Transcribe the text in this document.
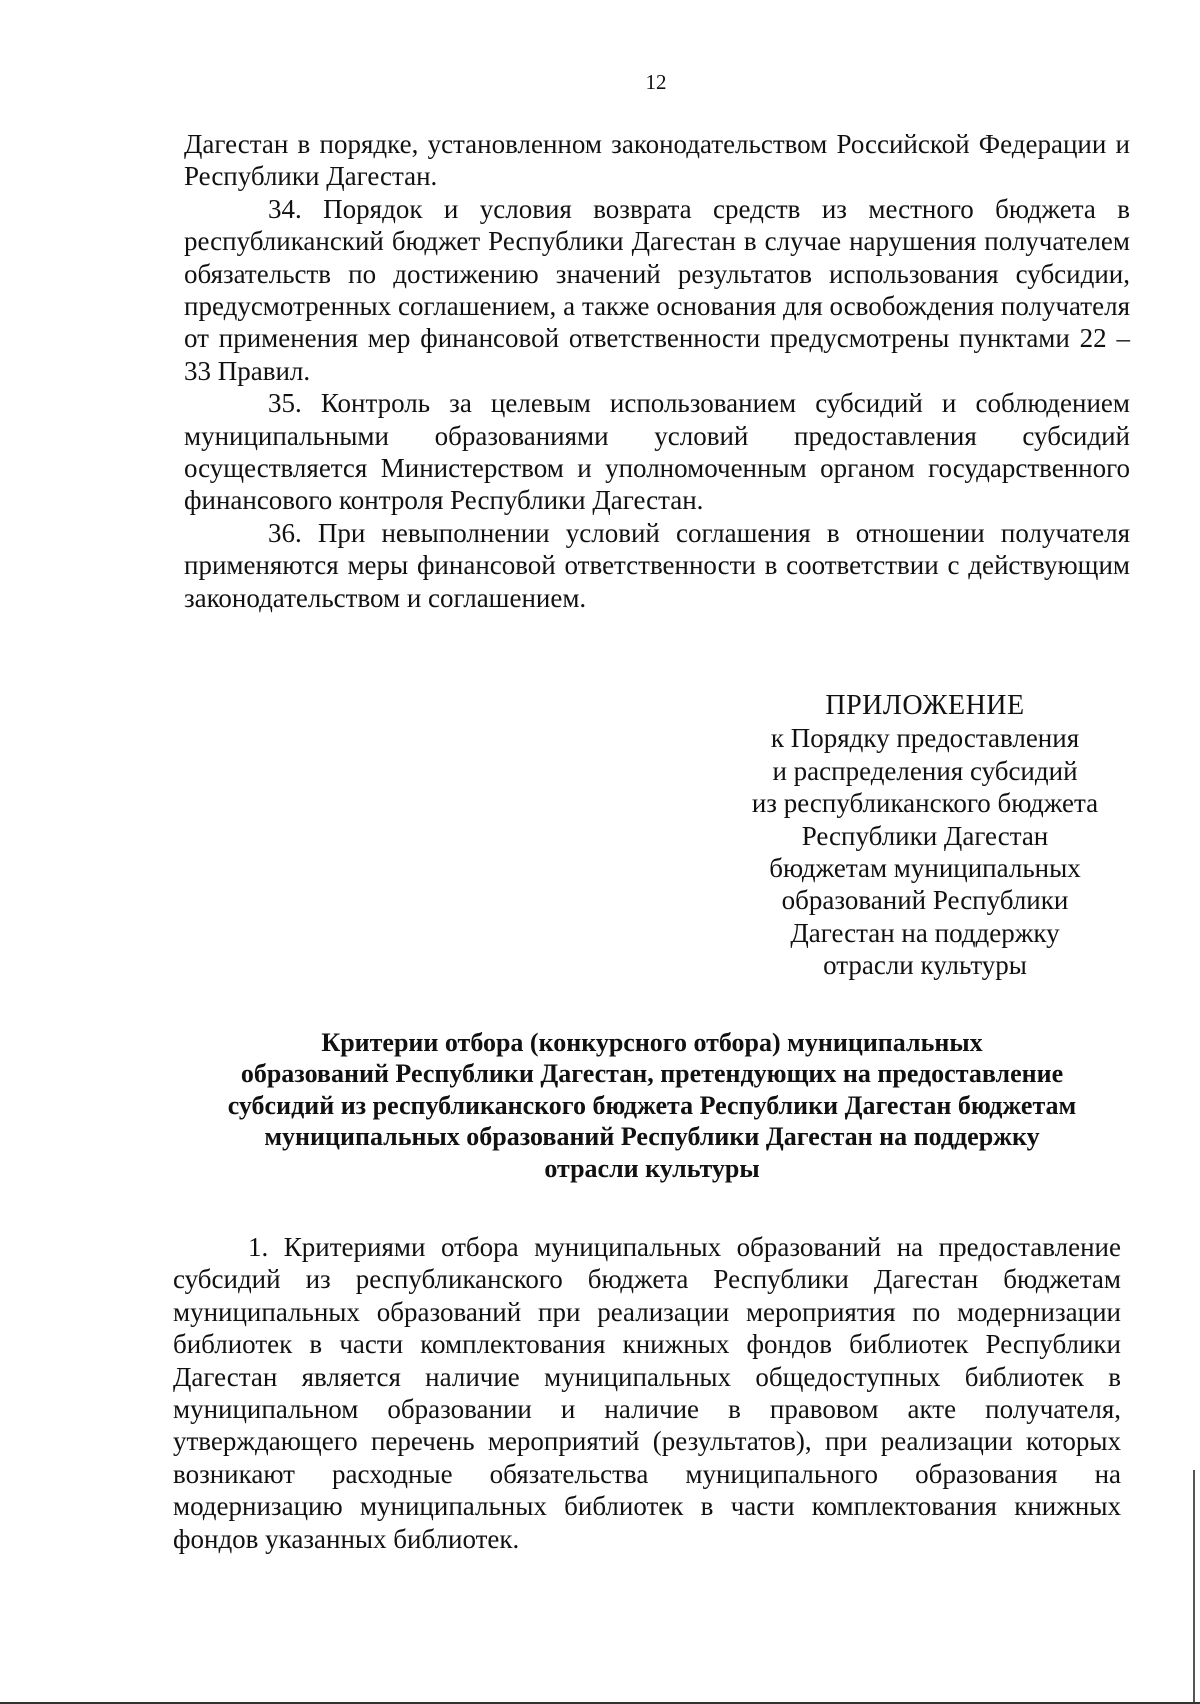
12

Дагестан в порядке, установленном законодательством Российской Федерации и Республики Дагестан.

34. Порядок и условия возврата средств из местного бюджета в республиканский бюджет Республики Дагестан в случае нарушения получателем обязательств по достижению значений результатов использования субсидии, предусмотренных соглашением, а также основания для освобождения получателя от применения мер финансовой ответственности предусмотрены пунктами 22 – 33 Правил.

35. Контроль за целевым использованием субсидий и соблюдением муниципальными образованиями условий предоставления субсидий осуществляется Министерством и уполномоченным органом государственного финансового контроля Республики Дагестан.

36. При невыполнении условий соглашения в отношении получателя применяются меры финансовой ответственности в соответствии с действующим законодательством и соглашением.

ПРИЛОЖЕНИЕ
к Порядку предоставления
и распределения субсидий
из республиканского бюджета
Республики Дагестан
бюджетам муниципальных
образований Республики
Дагестан на поддержку
отрасли культуры
Критерии отбора (конкурсного отбора) муниципальных
образований Республики Дагестан, претендующих на предоставление
субсидий из республиканского бюджета Республики Дагестан бюджетам
муниципальных образований Республики Дагестан на поддержку
отрасли культуры

1. Критериями отбора муниципальных образований на предоставление субсидий из республиканского бюджета Республики Дагестан бюджетам муниципальных образований при реализации мероприятия по модернизации библиотек в части комплектования книжных фондов библиотек Республики Дагестан является наличие муниципальных общедоступных библиотек в муниципальном образовании и наличие в правовом акте получателя, утверждающего перечень мероприятий (результатов), при реализации которых возникают расходные обязательства муниципального образования на модернизацию муниципальных библиотек в части комплектования книжных фондов указанных библиотек.
